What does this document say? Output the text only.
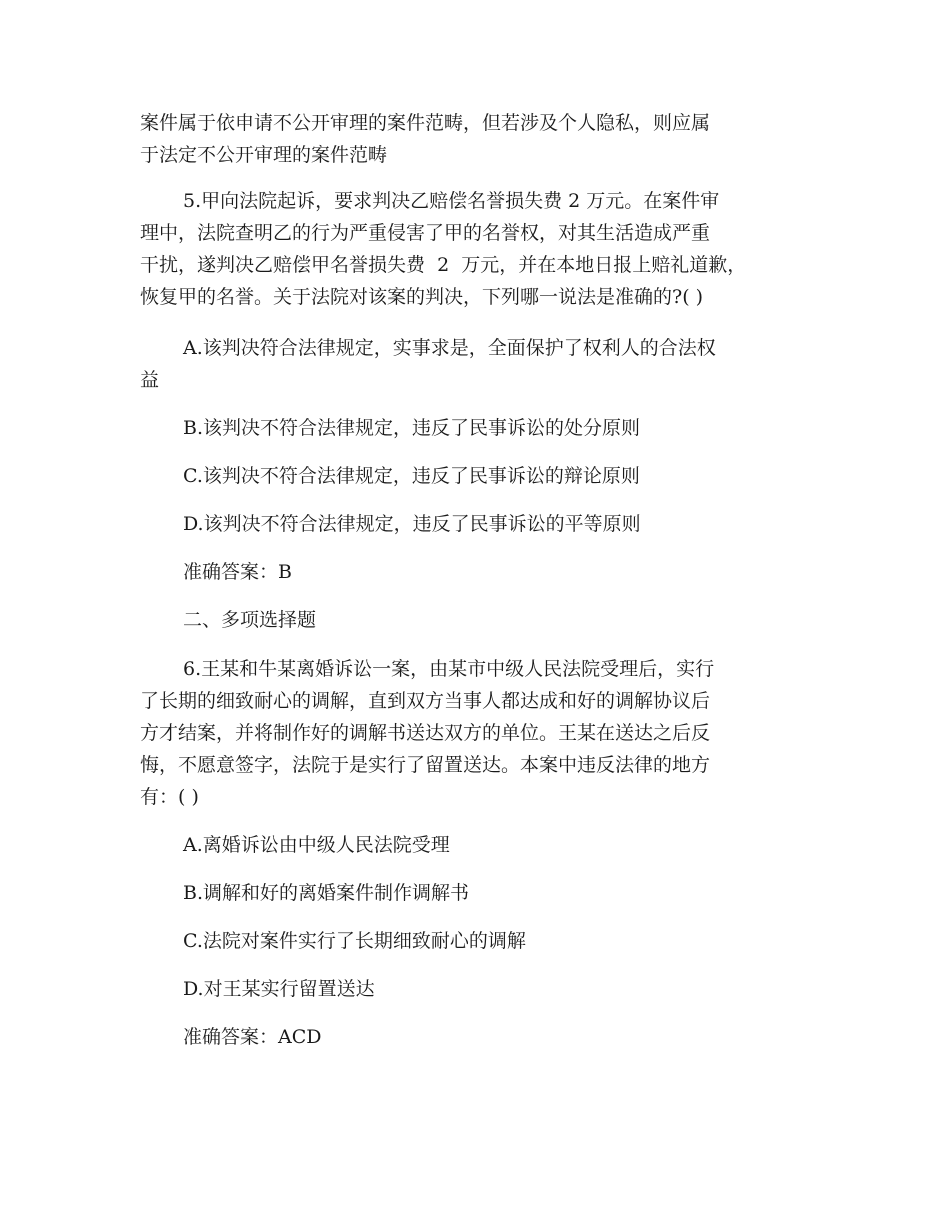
案件属于依申请不公开审理的案件范畴，但若涉及个人隐私，则应属

于法定不公开审理的案件范畴

5.甲向法院起诉，要求判决乙赔偿名誉损失费 2 万元。在案件审

理中，法院查明乙的行为严重侵害了甲的名誉权，对其生活造成严重

干扰，遂判决乙赔偿甲名誉损失费  2  万元，并在本地日报上赔礼道歉，

恢复甲的名誉。关于法院对该案的判决，下列哪一说法是准确的?( )

A.该判决符合法律规定，实事求是，全面保护了权利人的合法权

益

B.该判决不符合法律规定，违反了民事诉讼的处分原则

C.该判决不符合法律规定，违反了民事诉讼的辩论原则

D.该判决不符合法律规定，违反了民事诉讼的平等原则

准确答案：B

二、多项选择题

6.王某和牛某离婚诉讼一案，由某市中级人民法院受理后，实行

了长期的细致耐心的调解，直到双方当事人都达成和好的调解协议后

方才结案，并将制作好的调解书送达双方的单位。王某在送达之后反

悔，不愿意签字，法院于是实行了留置送达。本案中违反法律的地方

有：( )

A.离婚诉讼由中级人民法院受理

B.调解和好的离婚案件制作调解书

C.法院对案件实行了长期细致耐心的调解

D.对王某实行留置送达

准确答案：ACD
